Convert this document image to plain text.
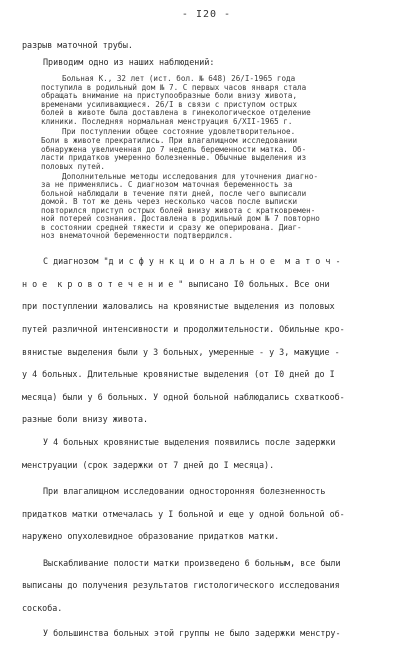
- I20 -
разрыв маточной трубы.
Приводим одно из наших наблюдений:
Больная К., 32 лет (ист. бол. № 648) 26/I-1965 года
поступила в родильный дом № 7. С первых часов января стала
обращать внимание на приступообразные боли внизу живота,
временами усиливающиеся. 26/I в связи с приступом острых
болей в животе была доставлена в гинекологическое отделение
клиники. Последняя нормальная менструация 6/XII-1965 г.
При поступлении общее состояние удовлетворительное.
Боли в животе прекратились. При влагалищном исследовании
обнаружена увеличенная до 7 недель беременности матка. Об-
ласти придатков умеренно болезненные. Обычные выделения из
половых путей.
Дополнительные методы исследования для уточнения диагно-
за не применялись. С диагнозом маточная беременность за
больной наблюдали в течение пяти дней, после чего выписали
домой. В тот же день через несколько часов после выписки
повторился приступ острых болей внизу живота с кратковремен-
ной потерей сознания. Доставлена в родильный дом № 7 повторно
в состоянии средней тяжести и сразу же оперирована. Диаг-
ноз внематочной беременности подтвердился.
С диагнозом "д и с ф у н к ц и о н а л ь н о е  м а т о ч -
н о е  к р о в о т е ч е н и е " выписано I0 больных. Все они
при поступлении жаловались на кровянистые выделения из половых
путей различной интенсивности и продолжительности. Обильные кро-
вянистые выделения были у 3 больных, умеренные - у 3, мажущие -
у 4 больных. Длительные кровянистые выделения (от I0 дней до I
месяца) были у 6 больных. У одной больной наблюдались схваткооб-
разные боли внизу живота.
У 4 больных кровянистые выделения появились после задержки
менструации (срок задержки от 7 дней до I месяца).
При влагалищном исследовании односторонняя болезненность
придатков матки отмечалась у I больной и еще у одной больной об-
наружено опухолевидное образование придатков матки.
Выскабливание полости матки произведено 6 больным, все были
выписаны до получения результатов гистологического исследования
соскоба.
У большинства больных этой группы не было задержки менстру-
